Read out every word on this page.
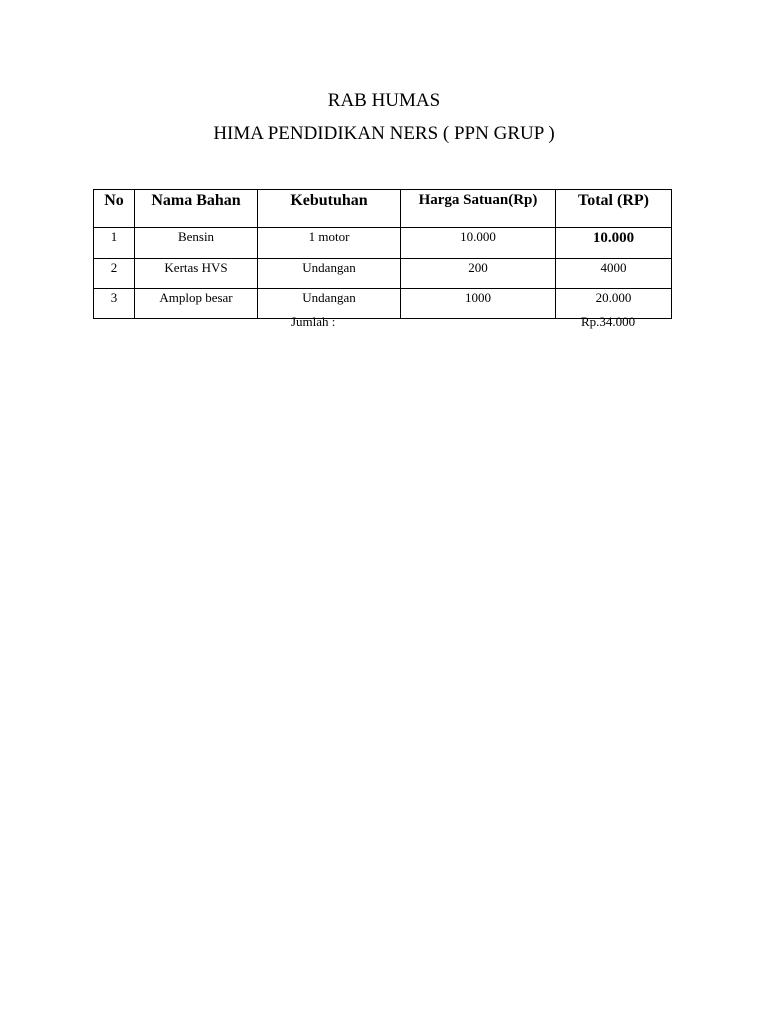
RAB HUMAS
HIMA PENDIDIKAN NERS ( PPN GRUP )
No	Nama Bahan	Kebutuhan	Harga Satuan(Rp)	Total (RP)
1	Bensin	1 motor	10.000	10.000
2	Kertas HVS	Undangan	200	4000
3	Amplop besar	Undangan	1000	20.000
Jumlah :	Rp.34.000
